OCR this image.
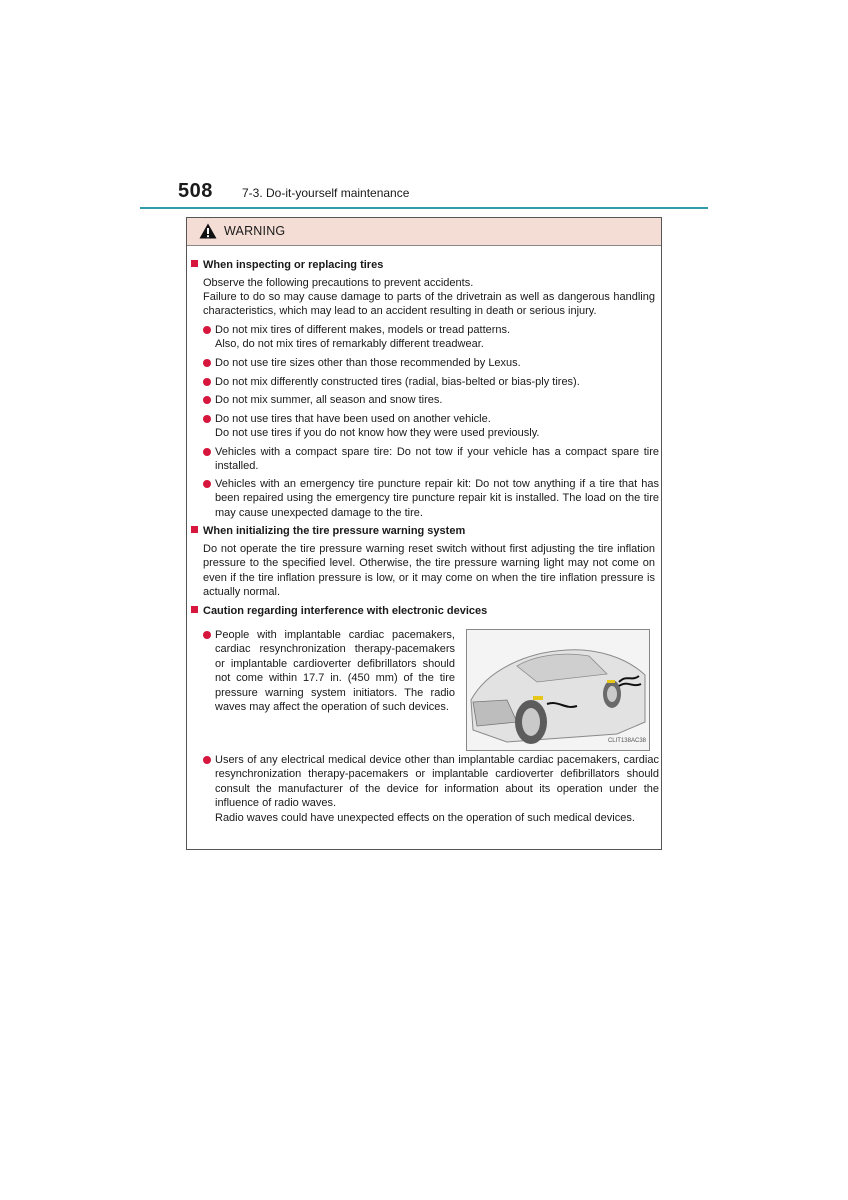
508 7-3. Do-it-yourself maintenance
WARNING
When inspecting or replacing tires
Observe the following precautions to prevent accidents.
Failure to do so may cause damage to parts of the drivetrain as well as dangerous handling characteristics, which may lead to an accident resulting in death or serious injury.
Do not mix tires of different makes, models or tread patterns.
Also, do not mix tires of remarkably different treadwear.
Do not use tire sizes other than those recommended by Lexus.
Do not mix differently constructed tires (radial, bias-belted or bias-ply tires).
Do not mix summer, all season and snow tires.
Do not use tires that have been used on another vehicle.
Do not use tires if you do not know how they were used previously.
Vehicles with a compact spare tire: Do not tow if your vehicle has a compact spare tire installed.
Vehicles with an emergency tire puncture repair kit: Do not tow anything if a tire that has been repaired using the emergency tire puncture repair kit is installed. The load on the tire may cause unexpected damage to the tire.
When initializing the tire pressure warning system
Do not operate the tire pressure warning reset switch without first adjusting the tire inflation pressure to the specified level. Otherwise, the tire pressure warning light may not come on even if the tire inflation pressure is low, or it may come on when the tire inflation pressure is actually normal.
Caution regarding interference with electronic devices
People with implantable cardiac pacemakers, cardiac resynchronization therapy-pacemakers or implantable cardioverter defibrillators should not come within 17.7 in. (450 mm) of the tire pressure warning system initiators. The radio waves may affect the operation of such devices.
CLIT138AC38
Users of any electrical medical device other than implantable cardiac pacemakers, cardiac resynchronization therapy-pacemakers or implantable cardioverter defibrillators should consult the manufacturer of the device for information about its operation under the influence of radio waves.
Radio waves could have unexpected effects on the operation of such medical devices.
